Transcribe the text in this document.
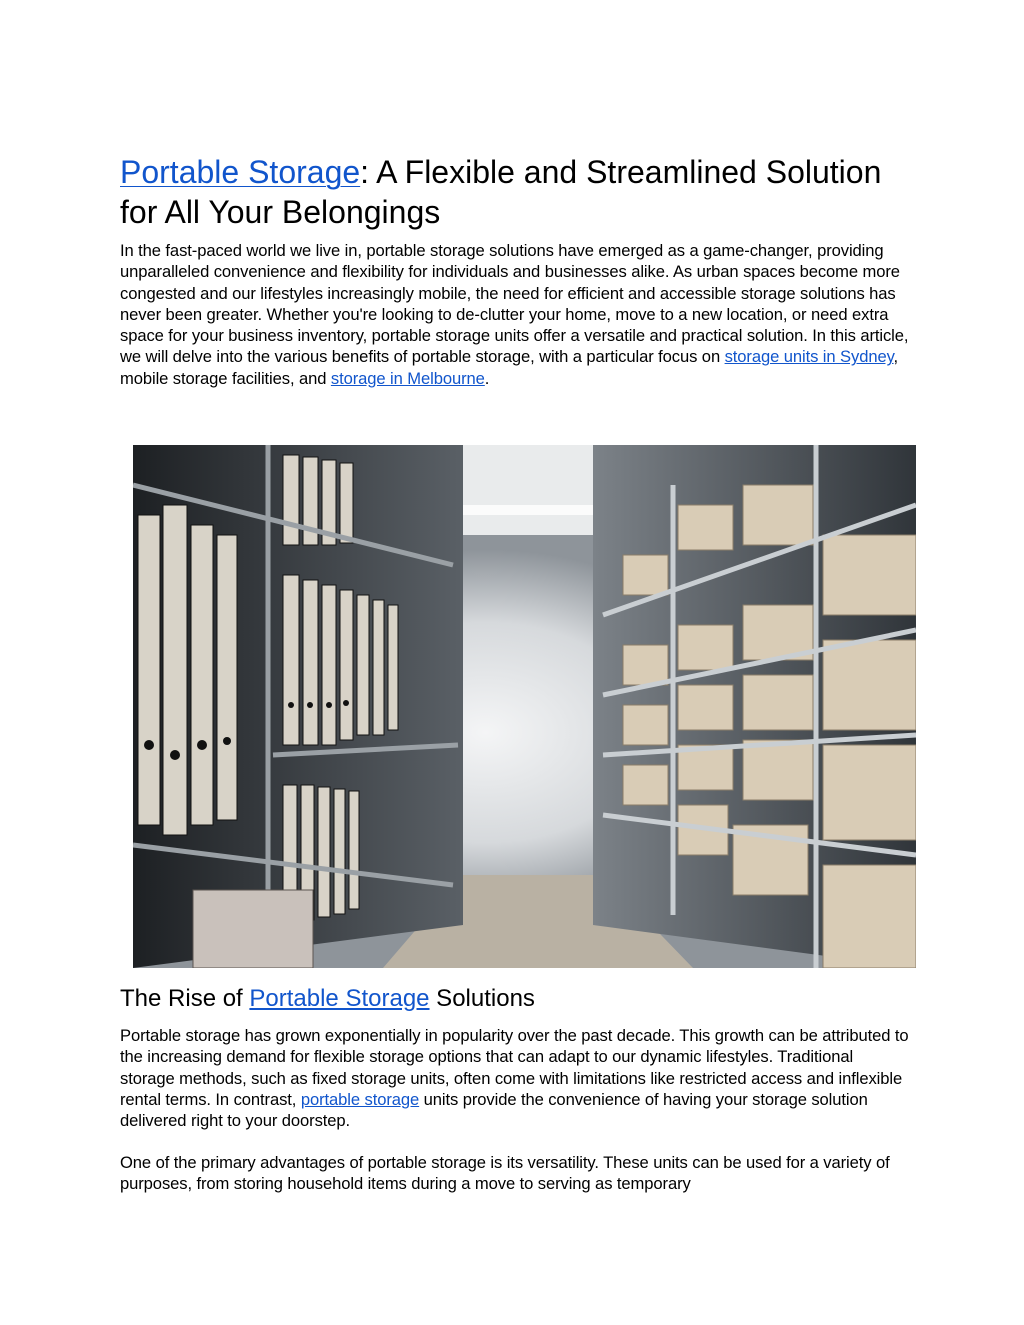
Portable Storage: A Flexible and Streamlined Solution for All Your Belongings

In the fast-paced world we live in, portable storage solutions have emerged as a game-changer, providing unparalleled convenience and flexibility for individuals and businesses alike. As urban spaces become more congested and our lifestyles increasingly mobile, the need for efficient and accessible storage solutions has never been greater. Whether you're looking to de-clutter your home, move to a new location, or need extra space for your business inventory, portable storage units offer a versatile and practical solution. In this article, we will delve into the various benefits of portable storage, with a particular focus on storage units in Sydney, mobile storage facilities, and storage in Melbourne.

The Rise of Portable Storage Solutions

Portable storage has grown exponentially in popularity over the past decade. This growth can be attributed to the increasing demand for flexible storage options that can adapt to our dynamic lifestyles. Traditional storage methods, such as fixed storage units, often come with limitations like restricted access and inflexible rental terms. In contrast, portable storage units provide the convenience of having your storage solution delivered right to your doorstep.

One of the primary advantages of portable storage is its versatility. These units can be used for a variety of purposes, from storing household items during a move to serving as temporary
